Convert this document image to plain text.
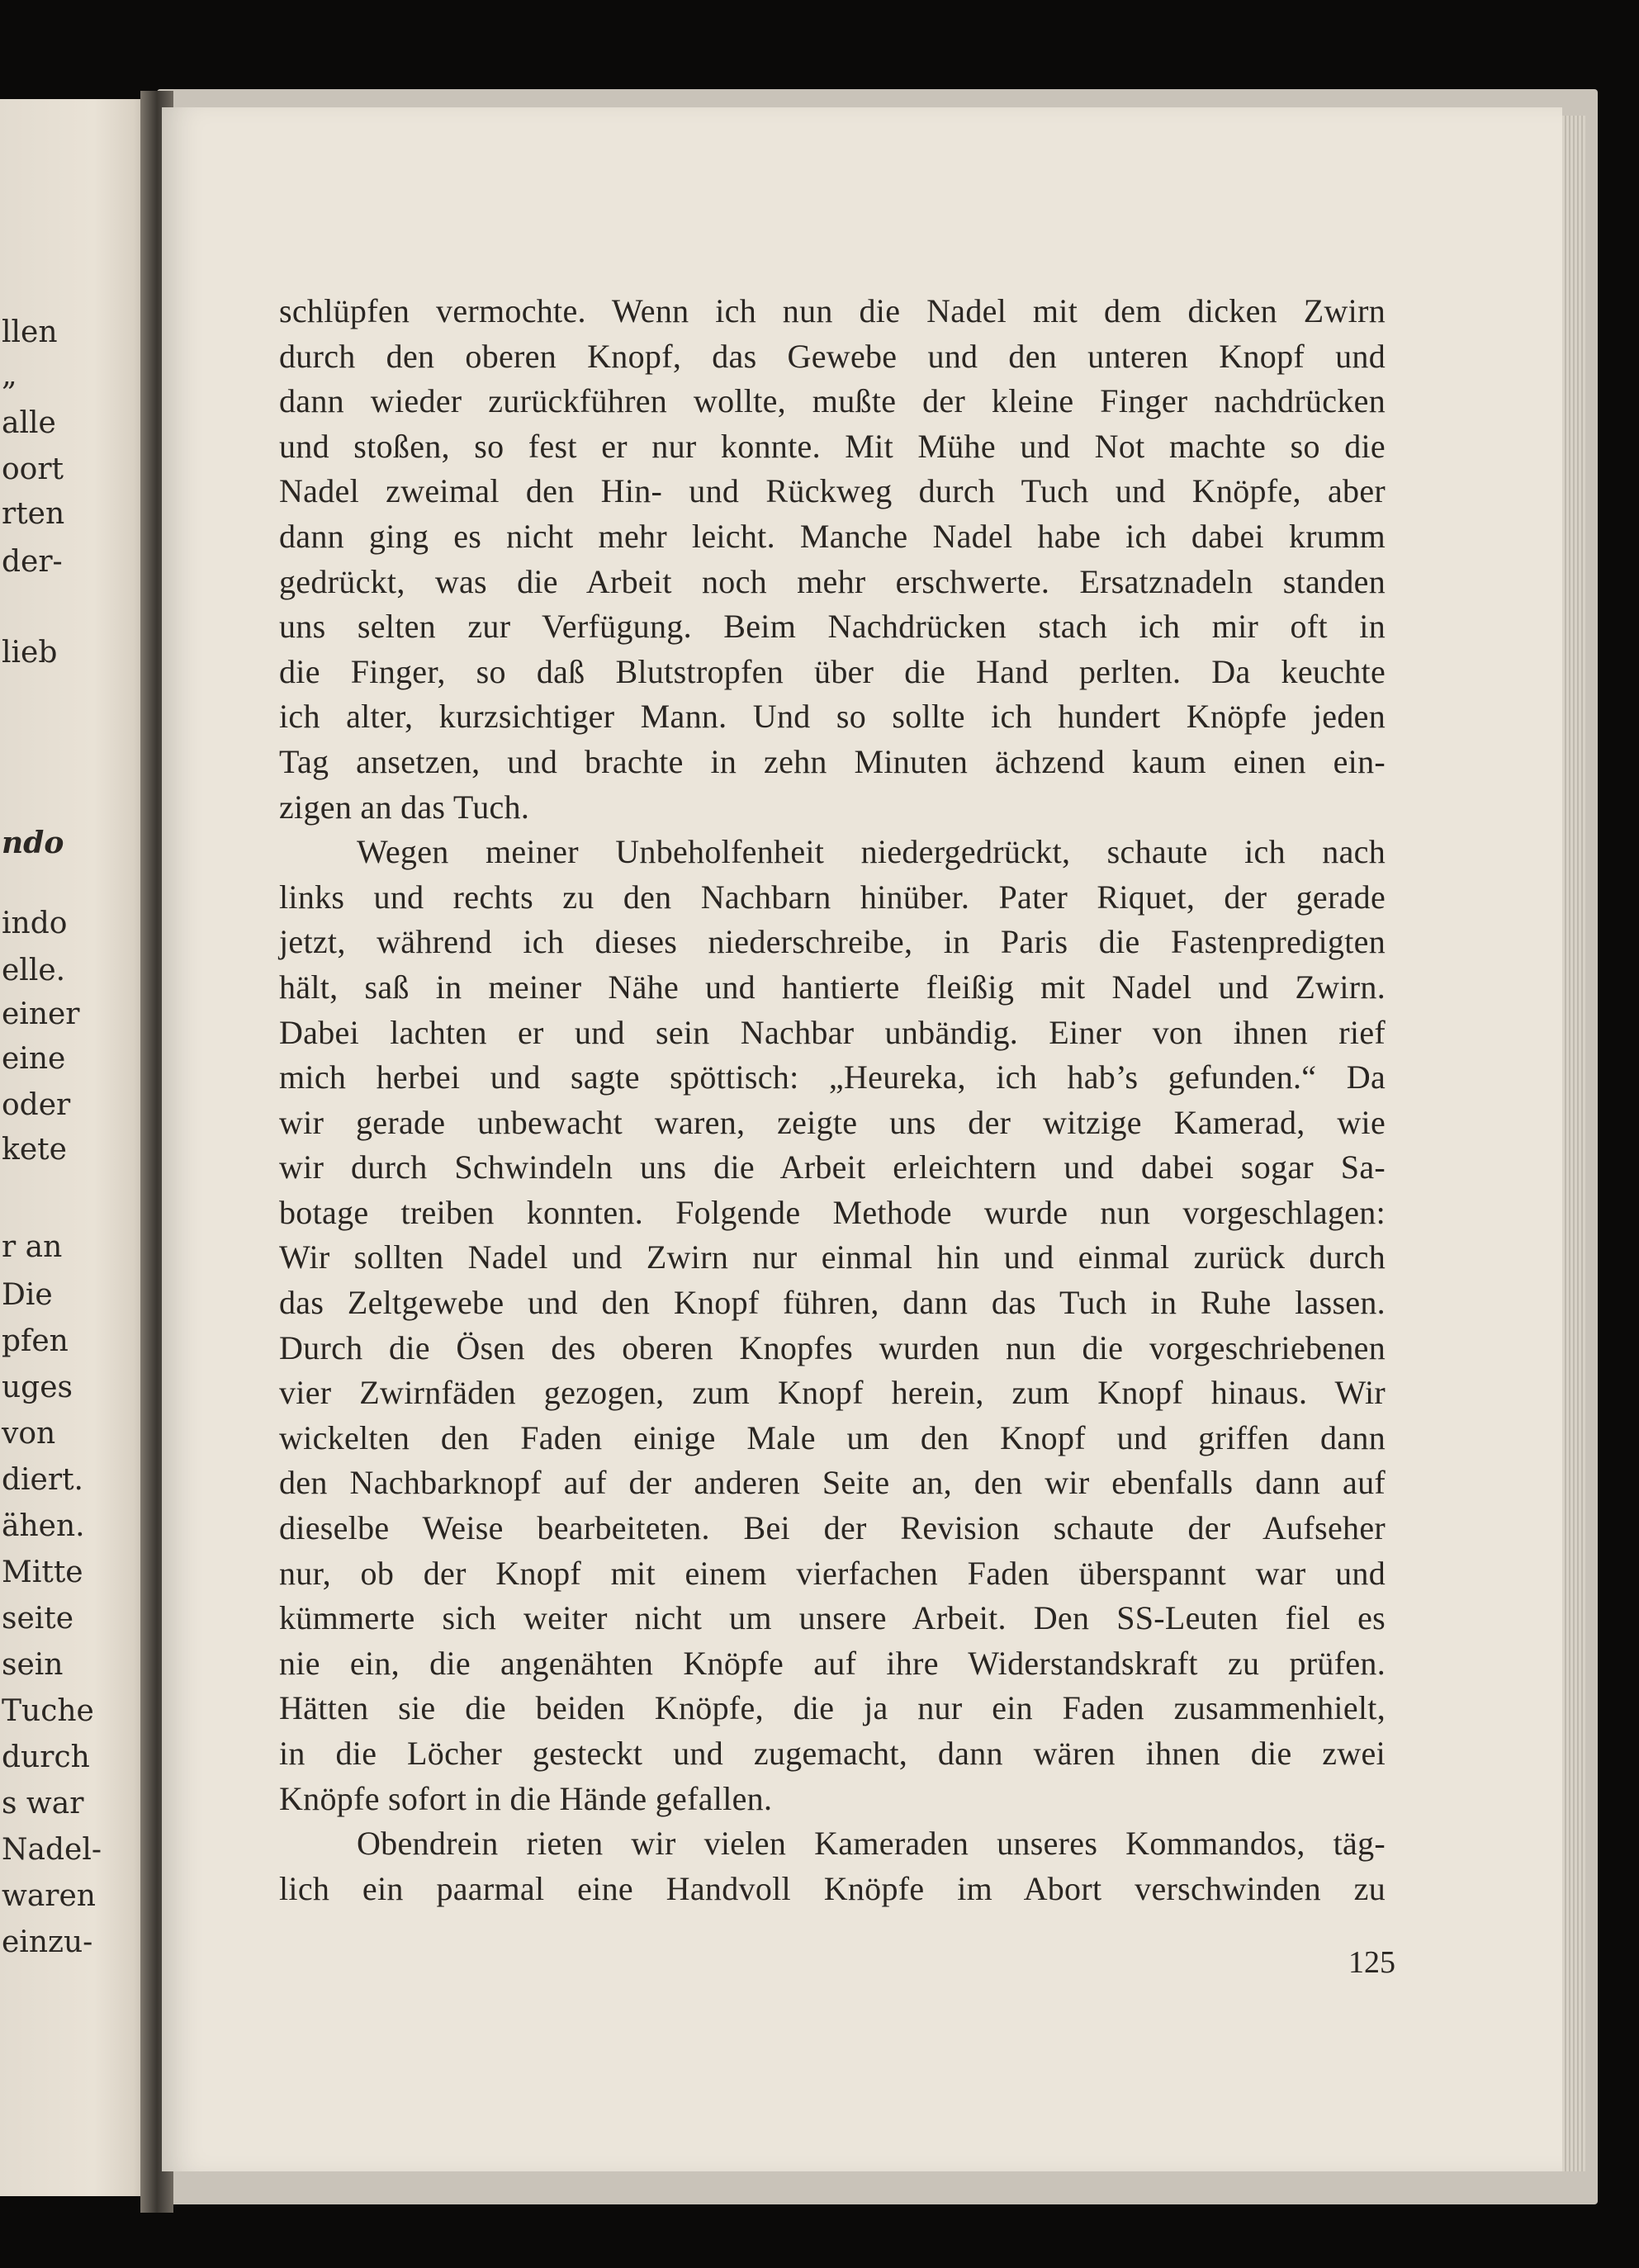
llen
„
alle
oort
rten
der-
lieb
ndo
indo
elle.
einer
eine
oder
kete
r an
Die
pfen
uges
von
diert.
ähen.
Mitte
seite
sein
Tuche
durch
s war
Nadel-
waren
einzu-
schlüpfen vermochte. Wenn ich nun die Nadel mit dem dicken Zwirn
durch den oberen Knopf, das Gewebe und den unteren Knopf und
dann wieder zurückführen wollte, mußte der kleine Finger nachdrücken
und stoßen, so fest er nur konnte. Mit Mühe und Not machte so die
Nadel zweimal den Hin- und Rückweg durch Tuch und Knöpfe, aber
dann ging es nicht mehr leicht. Manche Nadel habe ich dabei krumm
gedrückt, was die Arbeit noch mehr erschwerte. Ersatznadeln standen
uns selten zur Verfügung. Beim Nachdrücken stach ich mir oft in
die Finger, so daß Blutstropfen über die Hand perlten. Da keuchte
ich alter, kurzsichtiger Mann. Und so sollte ich hundert Knöpfe jeden
Tag ansetzen, und brachte in zehn Minuten ächzend kaum einen ein-
zigen an das Tuch.
Wegen meiner Unbeholfenheit niedergedrückt, schaute ich nach
links und rechts zu den Nachbarn hinüber. Pater Riquet, der gerade
jetzt, während ich dieses niederschreibe, in Paris die Fastenpredigten
hält, saß in meiner Nähe und hantierte fleißig mit Nadel und Zwirn.
Dabei lachten er und sein Nachbar unbändig. Einer von ihnen rief
mich herbei und sagte spöttisch: „Heureka, ich hab’s gefunden.“ Da
wir gerade unbewacht waren, zeigte uns der witzige Kamerad, wie
wir durch Schwindeln uns die Arbeit erleichtern und dabei sogar Sa-
botage treiben konnten. Folgende Methode wurde nun vorgeschlagen:
Wir sollten Nadel und Zwirn nur einmal hin und einmal zurück durch
das Zeltgewebe und den Knopf führen, dann das Tuch in Ruhe lassen.
Durch die Ösen des oberen Knopfes wurden nun die vorgeschriebenen
vier Zwirnfäden gezogen, zum Knopf herein, zum Knopf hinaus. Wir
wickelten den Faden einige Male um den Knopf und griffen dann
den Nachbarknopf auf der anderen Seite an, den wir ebenfalls dann auf
dieselbe Weise bearbeiteten. Bei der Revision schaute der Aufseher
nur, ob der Knopf mit einem vierfachen Faden überspannt war und
kümmerte sich weiter nicht um unsere Arbeit. Den SS-Leuten fiel es
nie ein, die angenähten Knöpfe auf ihre Widerstandskraft zu prüfen.
Hätten sie die beiden Knöpfe, die ja nur ein Faden zusammenhielt,
in die Löcher gesteckt und zugemacht, dann wären ihnen die zwei
Knöpfe sofort in die Hände gefallen.
Obendrein rieten wir vielen Kameraden unseres Kommandos, täg-
lich ein paarmal eine Handvoll Knöpfe im Abort verschwinden zu
125
